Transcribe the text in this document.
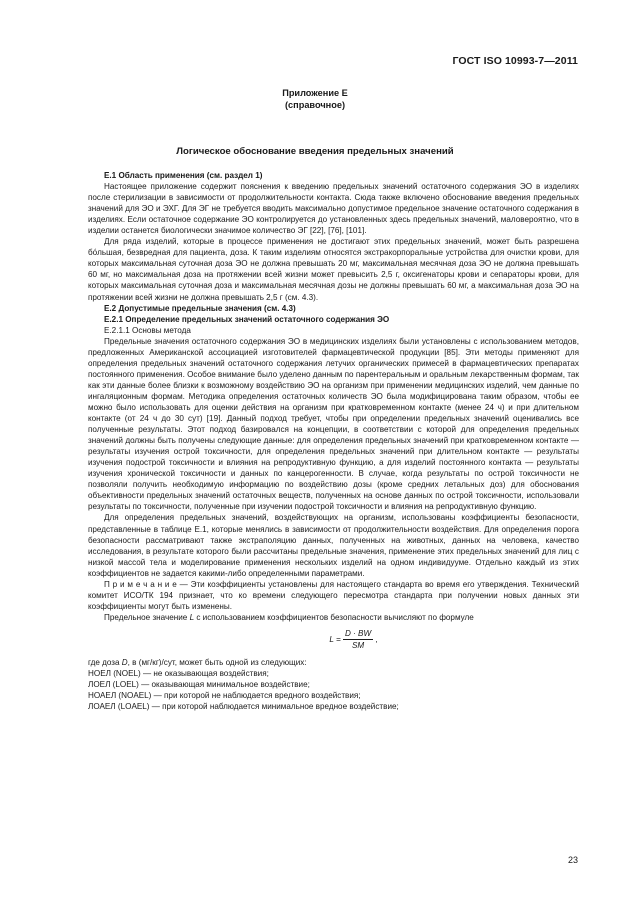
ГОСТ ISO 10993-7—2011
Приложение Е
(справочное)
Логическое обоснование введения предельных значений

Е.1 Область применения (см. раздел 1)

Настоящее приложение содержит пояснения к введению предельных значений остаточного содержания ЭО в изделиях после стерилизации в зависимости от продолжительности контакта. Сюда также включено обоснование введения предельных значений для ЭО и ЭХГ. Для ЭГ не требуется вводить максимально допустимое предельное значение остаточного содержания в изделиях. Если остаточное содержание ЭО контролируется до установленных здесь предельных значений, маловероятно, что в изделии останется биологически значимое количество ЭГ [22], [76], [101].

Для ряда изделий, которые в процессе применения не достигают этих предельных значений, может быть разрешена бо́льшая, безвредная для пациента, доза. К таким изделиям относятся экстракорпоральные устройства для очистки крови, для которых максимальная суточная доза ЭО не должна превышать 20 мг, максимальная месячная доза ЭО не должна превышать 60 мг, но максимальная доза на протяжении всей жизни может превысить 2,5 г, оксигенаторы крови и сепараторы крови, для которых максимальная суточная доза и максимальная месячная дозы не должны превышать 60 мг, а максимальная доза ЭО на протяжении всей жизни не должна превышать 2,5 г (см. 4.3).

Е.2 Допустимые предельные значения (см. 4.3)

Е.2.1 Определение предельных значений остаточного содержания ЭО

Е.2.1.1 Основы метода

Предельные значения остаточного содержания ЭО в медицинских изделиях были установлены с использованием методов, предложенных Американской ассоциацией изготовителей фармацевтической продукции [85]. Эти методы применяют для определения предельных значений остаточного содержания летучих органических примесей в фармацевтических препаратах постоянного применения. Особое внимание было уделено данным по парентеральным и оральным лекарственным формам, так как эти данные более близки к возможному воздействию ЭО на организм при применении медицинских изделий, чем данные по ингаляционным формам. Методика определения остаточных количеств ЭО была модифицирована таким образом, чтобы ее можно было использовать для оценки действия на организм при кратковременном контакте (менее 24 ч) и при длительном контакте (от 24 ч до 30 сут) [19]. Данный подход требует, чтобы при определении предельных значений оценивались все полученные результаты. Этот подход базировался на концепции, в соответствии с которой для определения предельных значений должны быть получены следующие данные: для определения предельных значений при кратковременном контакте — результаты изучения острой токсичности, для определения предельных значений при длительном контакте — результаты изучения подострой токсичности и влияния на репродуктивную функцию, а для изделий постоянного контакта — результаты изучения хронической токсичности и данных по канцерогенности. В случае, когда результаты по острой токсичности не позволяли получить необходимую информацию по воздействию дозы (кроме средних летальных доз) для обоснования объективности предельных значений остаточных веществ, полученных на основе данных по острой токсичности, использовали результаты по токсичности, полученные при изучении подострой токсичности и влияния на репродуктивную функцию.

Для определения предельных значений, воздействующих на организм, использованы коэффициенты безопасности, представленные в таблице Е.1, которые менялись в зависимости от продолжительности воздействия. Для определения порога безопасности рассматривают также экстраполяцию данных, полученных на животных, данных на человека, качество исследования, в результате которого были рассчитаны предельные значения, применение этих предельных значений для лиц с низкой массой тела и моделирование применения нескольких изделий на одном индивидууме. Отдельно каждый из этих коэффициентов не задается какими-либо определенными параметрами.

П р и м е ч а н и е — Эти коэффициенты установлены для настоящего стандарта во время его утверждения. Технический комитет ИСО/ТК 194 признает, что ко времени следующего пересмотра стандарта при получении новых данных эти коэффициенты могут быть изменены.

Предельное значение L с использованием коэффициентов безопасности вычисляют по формуле

$L = \frac{D \cdot BW}{SM}$ ,

где доза D, в (мг/кг)/сут, может быть одной из следующих:

НОЕЛ (NOEL) — не оказывающая воздействия;

ЛОЕЛ (LOEL) — оказывающая минимальное воздействие;

НОАЕЛ (NOAEL) — при которой не наблюдается вредного воздействия;

ЛОАЕЛ (LOAEL) — при которой наблюдается минимальное вредное воздействие;

23
